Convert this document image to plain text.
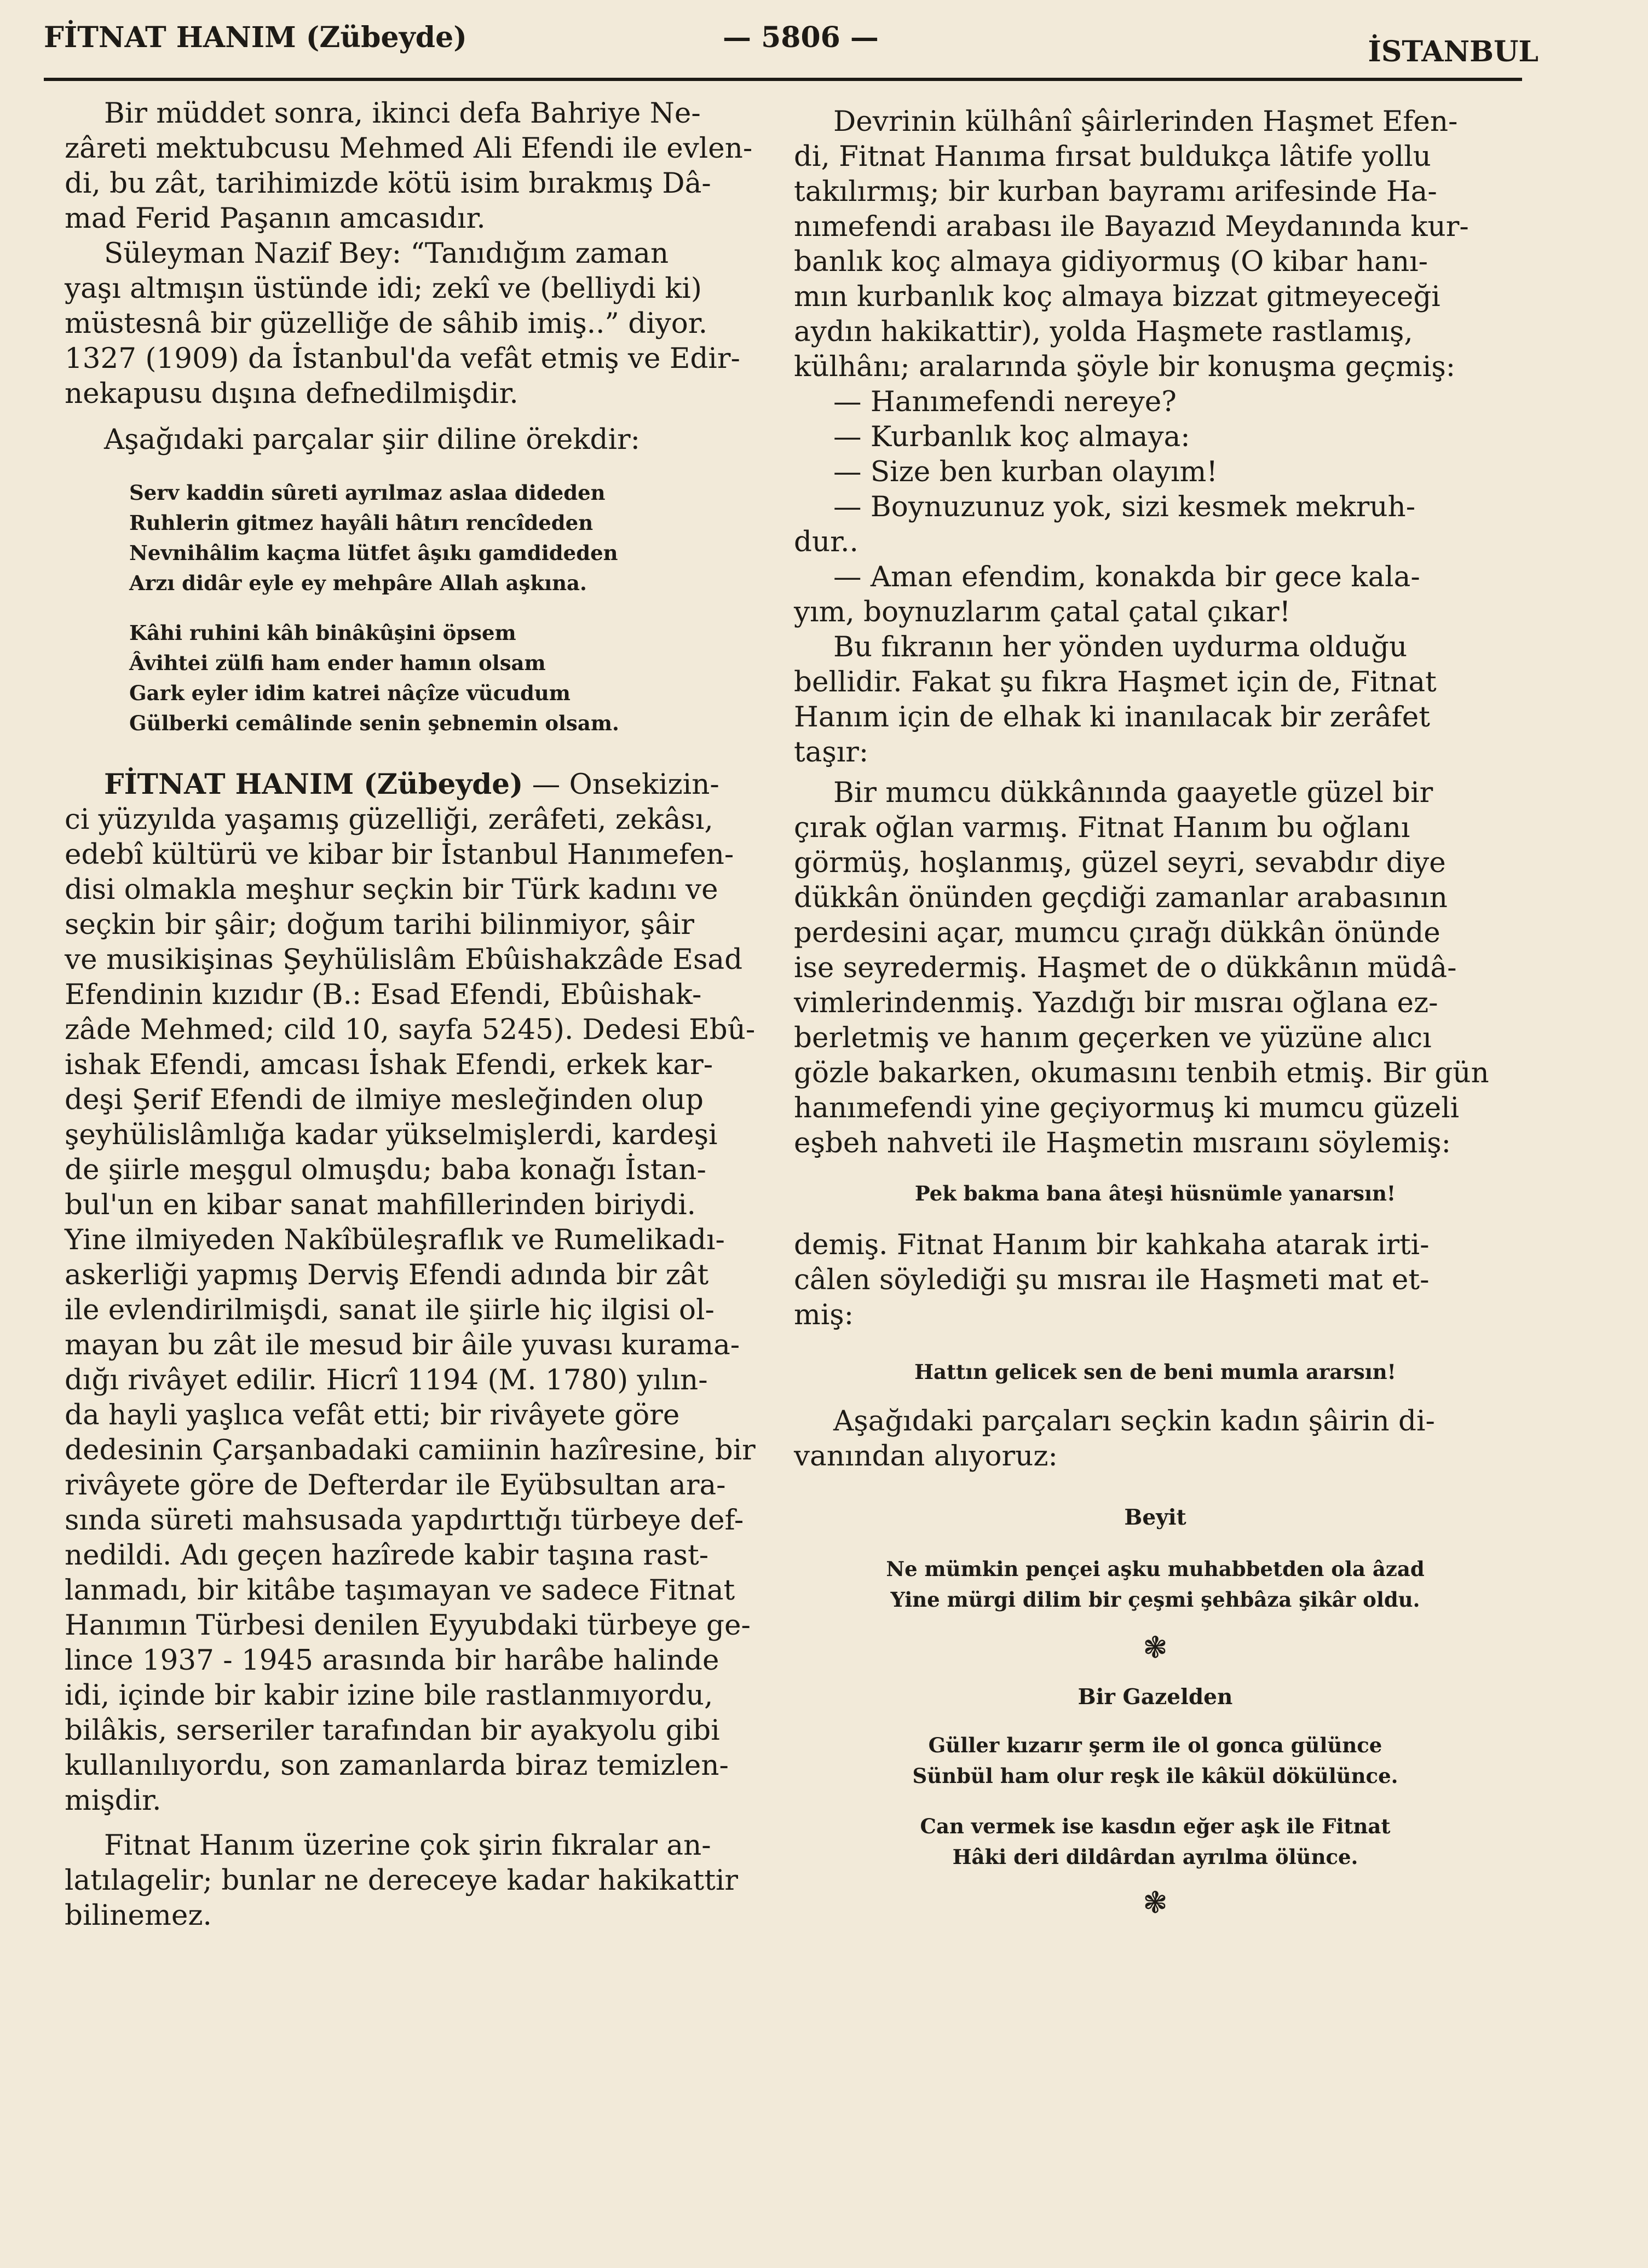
FİTNAT HANIM (Zübeyde)	— 5806 —	İSTANBUL

Bir müddet sonra, ikinci defa Bahriye Ne-
zâreti mektubcusu Mehmed Ali Efendi ile evlen-
di, bu zât, tarihimizde kötü isim bırakmış Dâ-
mad Ferid Paşanın amcasıdır.
Süleyman Nazif Bey: “Tanıdığım zaman
yaşı altmışın üstünde idi; zekî ve (belliydi ki)
müstesnâ bir güzelliğe de sâhib imiş..” diyor.
1327 (1909) da İstanbul'da vefât etmiş ve Edir-
nekapusu dışına defnedilmişdir.
Aşağıdaki parçalar şiir diline örekdir:

Serv kaddin sûreti ayrılmaz aslaa dideden
Ruhlerin gitmez hayâli hâtırı rencîdeden
Nevnihâlim kaçma lütfet âşıkı gamdideden
Arzı didâr eyle ey mehpâre Allah aşkına.

Kâhi ruhini kâh binâkûşini öpsem
Âvihtei zülfi ham ender hamın olsam
Gark eyler idim katrei nâçîze vücudum
Gülberki cemâlinde senin şebnemin olsam.

FİTNAT HANIM (Zübeyde) — Onsekizin-
ci yüzyılda yaşamış güzelliği, zerâfeti, zekâsı,
edebî kültürü ve kibar bir İstanbul Hanımefen-
disi olmakla meşhur seçkin bir Türk kadını ve
seçkin bir şâir; doğum tarihi bilinmiyor, şâir
ve musikişinas Şeyhülislâm Ebûishakzâde Esad
Efendinin kızıdır (B.: Esad Efendi, Ebûishak-
zâde Mehmed; cild 10, sayfa 5245). Dedesi Ebû-
ishak Efendi, amcası İshak Efendi, erkek kar-
deşi Şerif Efendi de ilmiye mesleğinden olup
şeyhülislâmlığa kadar yükselmişlerdi, kardeşi
de şiirle meşgul olmuşdu; baba konağı İstan-
bul'un en kibar sanat mahfillerinden biriydi.
Yine ilmiyeden Nakîbüleşraflık ve Rumelikadı-
askerliği yapmış Derviş Efendi adında bir zât
ile evlendirilmişdi, sanat ile şiirle hiç ilgisi ol-
mayan bu zât ile mesud bir âile yuvası kurama-
dığı rivâyet edilir. Hicrî 1194 (M. 1780) yılın-
da hayli yaşlıca vefât etti; bir rivâyete göre
dedesinin Çarşanbadaki camiinin hazîresine, bir
rivâyete göre de Defterdar ile Eyübsultan ara-
sında süreti mahsusada yapdırttığı türbeye def-
nedildi. Adı geçen hazîrede kabir taşına rast-
lanmadı, bir kitâbe taşımayan ve sadece Fitnat
Hanımın Türbesi denilen Eyyubdaki türbeye ge-
lince 1937 - 1945 arasında bir harâbe halinde
idi, içinde bir kabir izine bile rastlanmıyordu,
bilâkis, serseriler tarafından bir ayakyolu gibi
kullanılıyordu, son zamanlarda biraz temizlen-
mişdir.

Fitnat Hanım üzerine çok şirin fıkralar an-
latılagelir; bunlar ne dereceye kadar hakikattir
bilinemez.

Devrinin külhânî şâirlerinden Haşmet Efen-
di, Fitnat Hanıma fırsat buldukça lâtife yollu
takılırmış; bir kurban bayramı arifesinde Ha-
nımefendi arabası ile Bayazıd Meydanında kur-
banlık koç almaya gidiyormuş (O kibar hanı-
mın kurbanlık koç almaya bizzat gitmeyeceği
aydın hakikattir), yolda Haşmete rastlamış,
külhânı; aralarında şöyle bir konuşma geçmiş:

— Hanımefendi nereye?
— Kurbanlık koç almaya:
— Size ben kurban olayım!
— Boynuzunuz yok, sizi kesmek mekruh-
dur..
— Aman efendim, konakda bir gece kala-
yım, boynuzlarım çatal çatal çıkar!

Bu fıkranın her yönden uydurma olduğu
bellidir. Fakat şu fıkra Haşmet için de, Fitnat
Hanım için de elhak ki inanılacak bir zerâfet
taşır:

Bir mumcu dükkânında gaayetle güzel bir
çırak oğlan varmış. Fitnat Hanım bu oğlanı
görmüş, hoşlanmış, güzel seyri, sevabdır diye
dükkân önünden geçdiği zamanlar arabasının
perdesini açar, mumcu çırağı dükkân önünde
ise seyredermiş. Haşmet de o dükkânın müdâ-
vimlerindenmiş. Yazdığı bir mısraı oğlana ez-
berletmiş ve hanım geçerken ve yüzüne alıcı
gözle bakarken, okumasını tenbih etmiş. Bir gün
hanımefendi yine geçiyormuş ki mumcu güzeli
eşbeh nahveti ile Haşmetin mısraını söylemiş:

Pek bakma bana âteşi hüsnümle yanarsın!

demiş. Fitnat Hanım bir kahkaha atarak irti-
câlen söylediği şu mısraı ile Haşmeti mat et-
miş:

Hattın gelicek sen de beni mumla ararsın!

Aşağıdaki parçaları seçkin kadın şâirin di-
vanından alıyoruz:

Beyit

Ne mümkin pençei aşku muhabbetden ola âzad
Yine mürgi dilim bir çeşmi şehbâza şikâr oldu.

❃

Bir Gazelden

Güller kızarır şerm ile ol gonca gülünce
Sünbül ham olur reşk ile kâkül dökülünce.

Can vermek ise kasdın eğer aşk ile Fitnat
Hâki deri dildârdan ayrılma ölünce.

❃
